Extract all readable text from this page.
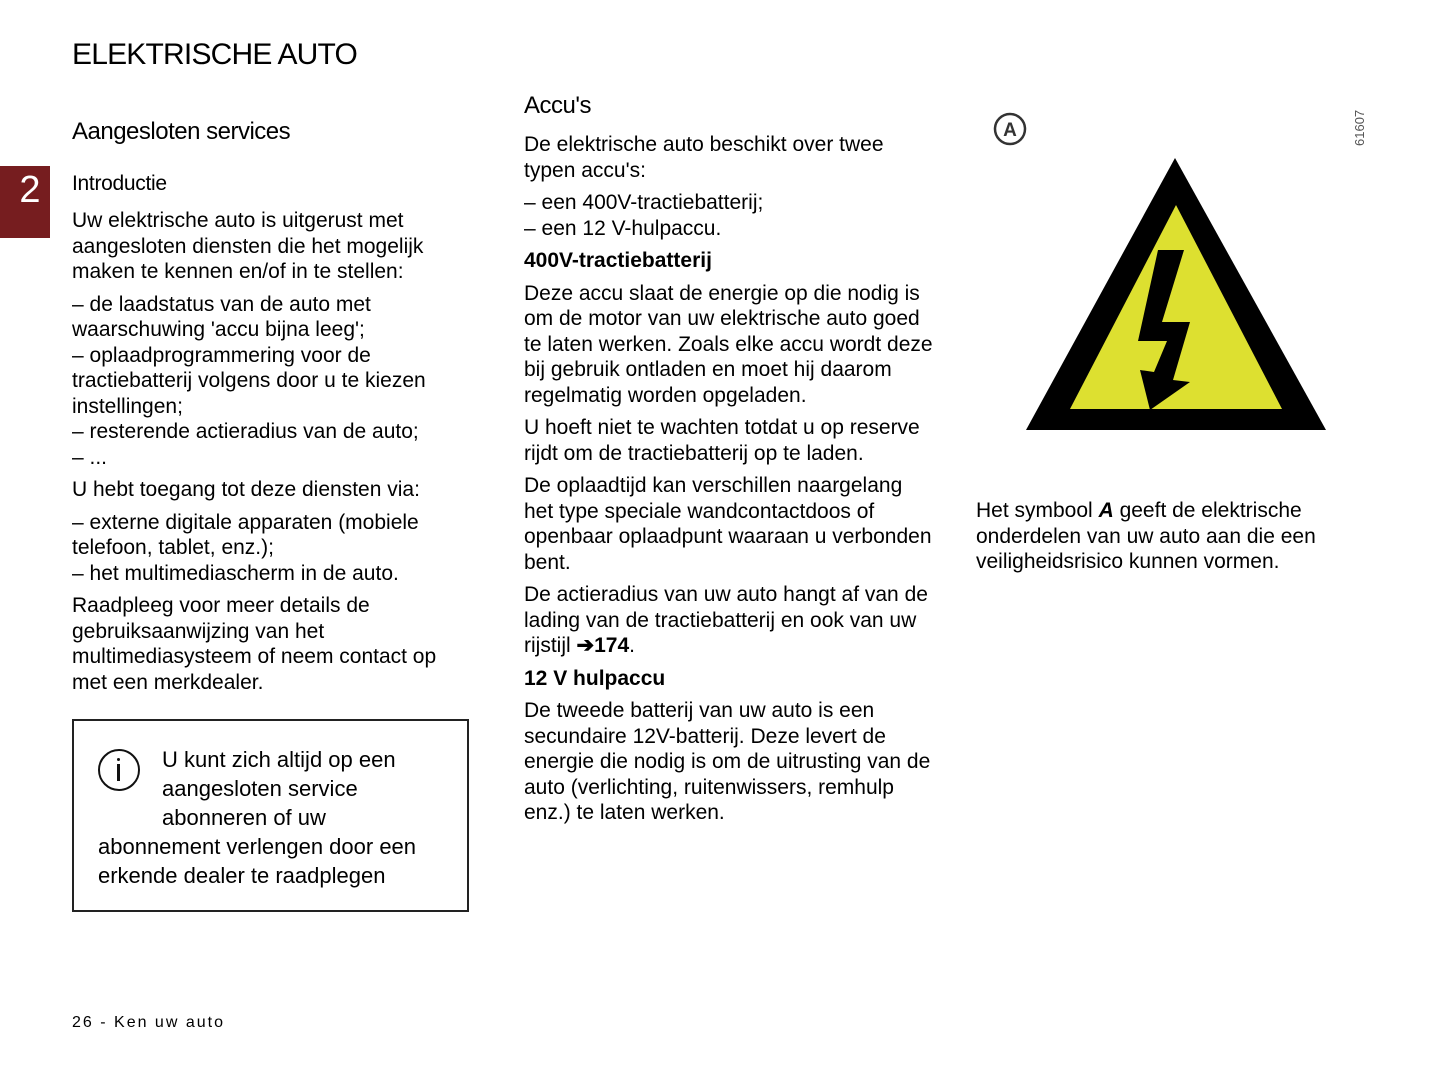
ELEKTRISCHE AUTO
2
Aangesloten services
Introductie

Uw elektrische auto is uitgerust met aangesloten diensten die het mogelijk maken te kennen en/of in te stellen:

– de laadstatus van de auto met waarschuwing 'accu bijna leeg';

– oplaadprogrammering voor de tractiebatterij volgens door u te kiezen instellingen;

– resterende actieradius van de auto;

– ...

U hebt toegang tot deze diensten via:

– externe digitale apparaten (mobiele telefoon, tablet, enz.);

– het multimediascherm in de auto.

Raadpleeg voor meer details de gebruiksaanwijzing van het multimediasysteem of neem contact op met een merkdealer.

U kunt zich altijd op een
aangesloten service
abonneren of uw
abonnement verlengen door een erkende dealer te raadplegen
Accu's

De elektrische auto beschikt over twee typen accu's:

– een 400V-tractiebatterij;

– een 12 V-hulpaccu.

400V-tractiebatterij

Deze accu slaat de energie op die nodig is om de motor van uw elektrische auto goed te laten werken. Zoals elke accu wordt deze bij gebruik ontladen en moet hij daarom regelmatig worden opgeladen.

U hoeft niet te wachten totdat u op reserve rijdt om de tractiebatterij op te laden.

De oplaadtijd kan verschillen naargelang het type speciale wandcontactdoos of openbaar oplaadpunt waaraan u verbonden bent.

De actieradius van uw auto hangt af van de lading van de tractiebatterij en ook van uw rijstijl ➔174.

12 V hulpaccu

De tweede batterij van uw auto is een secundaire 12V-batterij. Deze levert de energie die nodig is om de uitrusting van de auto (verlichting, ruitenwissers, remhulp enz.) te laten werken.

A	61607

Het symbool A geeft de elektrische onderdelen van uw auto aan die een veiligheidsrisico kunnen vormen.

26 - Ken uw auto
